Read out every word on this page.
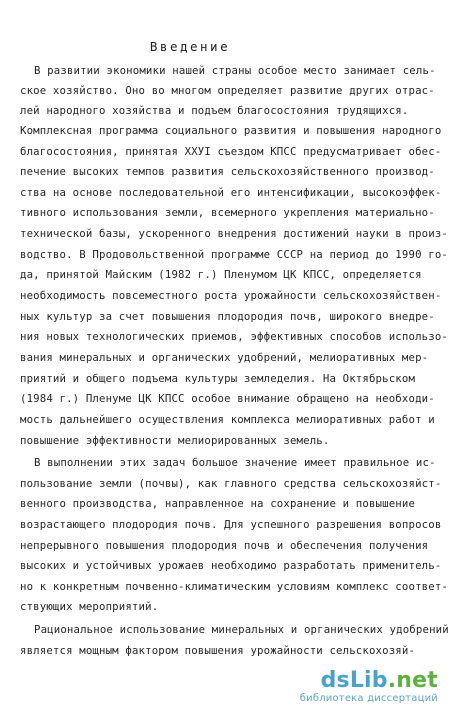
Введение
В развитии экономики нашей страны особое место занимает сель-
ское хозяйство. Оно во многом определяет развитие других отрас-
лей народного хозяйства и подъем благосостояния трудящихся.
Комплексная программа социального развития и повышения народного
благосостояния, принятая ХХУI съездом КПСС предусматривает обес-
печение высоких темпов развития сельскохозяйственного производ-
ства на основе последовательной его интенсификации, высокоэффек-
тивного использования земли, всемерного укрепления материально-
технической базы, ускоренного внедрения достижений науки в произ-
водство. В Продовольственной программе СССР на период до 1990 го-
да, принятой Майским (1982 г.) Пленумом ЦК КПСС, определяется
необходимость повсеместного роста урожайности сельскохозяйствен-
ных культур за счет повышения плодородия почв, широкого внедре-
ния новых технологических приемов, эффективных способов использо-
вания минеральных и органических удобрений, мелиоративных мер-
приятий и общего подъема культуры земледелия. На Октябрьском
(1984 г.) Пленуме ЦК КПСС особое внимание обращено на необходи-
мость дальнейшего осуществления комплекса мелиоративных работ и
повышение эффективности мелиорированных земель.
В выполнении этих задач большое значение имеет правильное ис-
пользование земли (почвы), как главного средства сельскохозяйст-
венного производства, направленное на сохранение и повышение
возрастающего плодородия почв. Для успешного разрешения вопросов
непрерывного повышения плодородия почв и обеспечения получения
высоких и устойчивых урожаев необходимо разработать применитель-
но к конкретным почвенно-климатическим условиям комплекс соответ-
ствующих мероприятий.
Рациональное использование минеральных и органических удобрений
является мощным фактором повышения урожайности сельскохозяй-
dsLib.net
библиотека диссертаций
